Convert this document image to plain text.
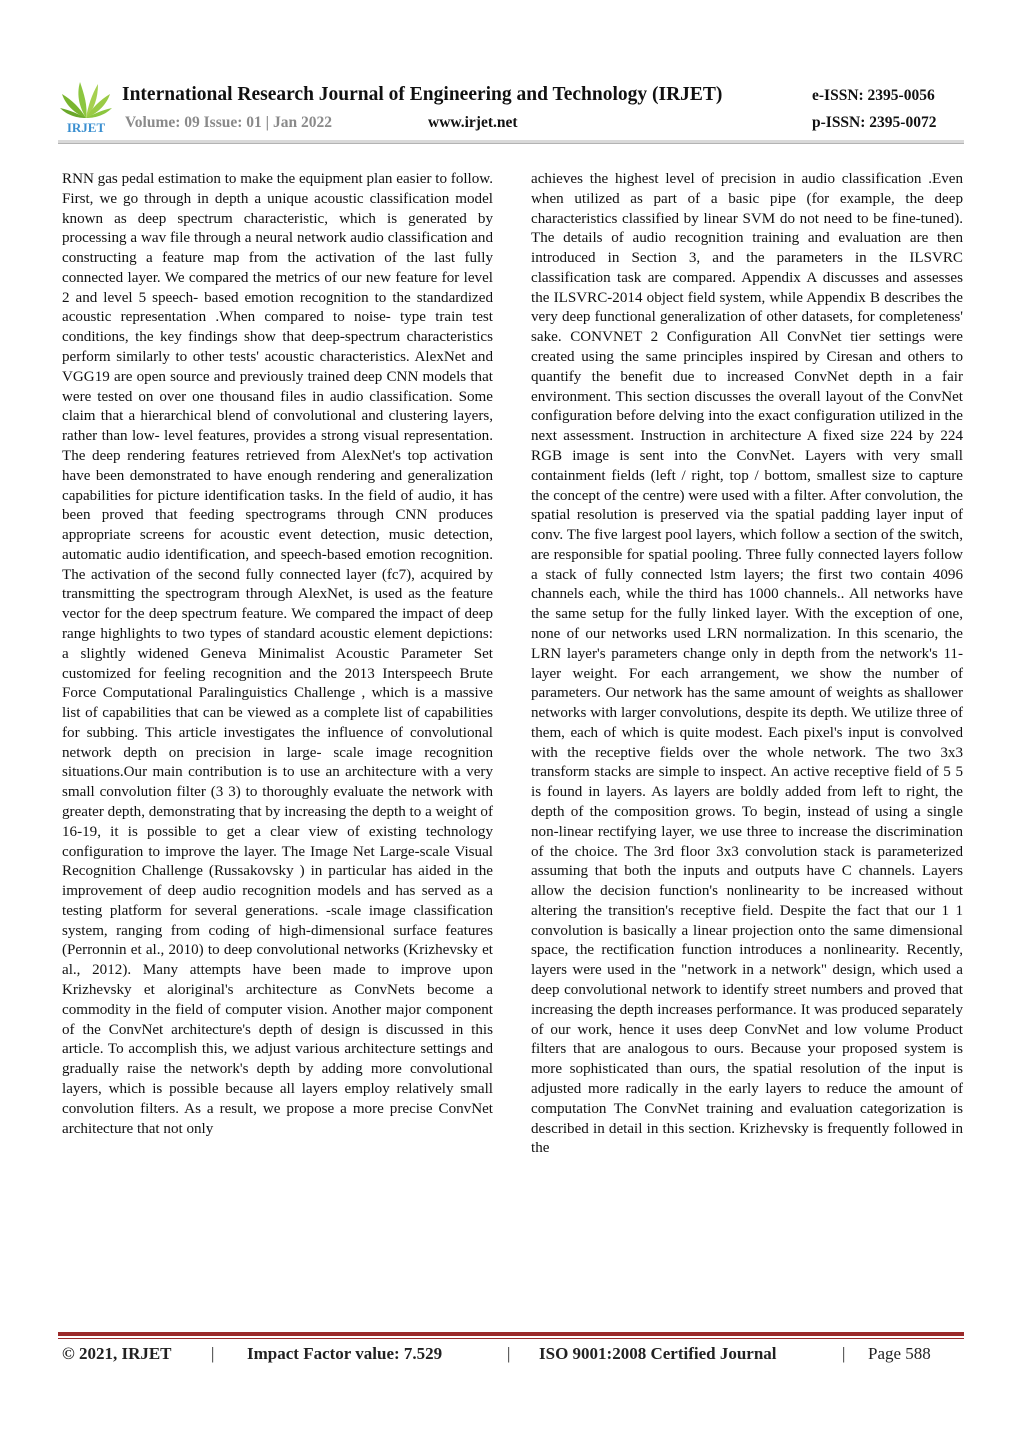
IRJET
International Research Journal of Engineering and Technology (IRJET)	e-ISSN: 2395-0056
Volume: 09 Issue: 01 | Jan 2022	www.irjet.net	p-ISSN: 2395-0072

RNN gas pedal estimation to make the equipment plan easier to follow. First, we go through in depth a unique acoustic classification model known as deep spectrum characteristic, which is generated by processing a wav file through a neural network audio classification and constructing a feature map from the activation of the last fully connected layer. We compared the metrics of our new feature for level 2 and level 5 speech- based emotion recognition to the standardized acoustic representation .When compared to noise- type train test conditions, the key findings show that deep-spectrum characteristics perform similarly to other tests' acoustic characteristics. AlexNet and VGG19 are open source and previously trained deep CNN models that were tested on over one thousand files in audio classification. Some claim that a hierarchical blend of convolutional and clustering layers, rather than low- level features, provides a strong visual representation. The deep rendering features retrieved from AlexNet's top activation have been demonstrated to have enough rendering and generalization capabilities for picture identification tasks. In the field of audio, it has been proved that feeding spectrograms through CNN produces appropriate screens for acoustic event detection, music detection, automatic audio identification, and speech-based emotion recognition. The activation of the second fully connected layer (fc7), acquired by transmitting the spectrogram through AlexNet, is used as the feature vector for the deep spectrum feature. We compared the impact of deep range highlights to two types of standard acoustic element depictions: a slightly widened Geneva Minimalist Acoustic Parameter Set customized for feeling recognition and the 2013 Interspeech Brute Force Computational Paralinguistics Challenge , which is a massive list of capabilities that can be viewed as a complete list of capabilities for subbing. This article investigates the influence of convolutional network depth on precision in large- scale image recognition situations.Our main contribution is to use an architecture with a very small convolution filter (3 3) to thoroughly evaluate the network with greater depth, demonstrating that by increasing the depth to a weight of 16-19, it is possible to get a clear view of existing technology configuration to improve the layer. The Image Net Large-scale Visual Recognition Challenge (Russakovsky ) in particular has aided in the improvement of deep audio recognition models and has served as a testing platform for several generations. -scale image classification system, ranging from coding of high-dimensional surface features (Perronnin et al., 2010) to deep convolutional networks (Krizhevsky et al., 2012). Many attempts have been made to improve upon Krizhevsky et aloriginal's architecture as ConvNets become a commodity in the field of computer vision. Another major component of the ConvNet architecture's depth of design is discussed in this article. To accomplish this, we adjust various architecture settings and gradually raise the network's depth by adding more convolutional layers, which is possible because all layers employ relatively small convolution filters. As a result, we propose a more precise ConvNet architecture that not only

achieves the highest level of precision in audio classification .Even when utilized as part of a basic pipe (for example, the deep characteristics classified by linear SVM do not need to be fine-tuned). The details of audio recognition training and evaluation are then introduced in Section 3, and the parameters in the ILSVRC classification task are compared. Appendix A discusses and assesses the ILSVRC-2014 object field system, while Appendix B describes the very deep functional generalization of other datasets, for completeness' sake. CONVNET 2 Configuration All ConvNet tier settings were created using the same principles inspired by Ciresan and others to quantify the benefit due to increased ConvNet depth in a fair environment. This section discusses the overall layout of the ConvNet configuration before delving into the exact configuration utilized in the next assessment. Instruction in architecture A fixed size 224 by 224 RGB image is sent into the ConvNet. Layers with very small containment fields (left / right, top / bottom, smallest size to capture the concept of the centre) were used with a filter. After convolution, the spatial resolution is preserved via the spatial padding layer input of conv. The five largest pool layers, which follow a section of the switch, are responsible for spatial pooling. Three fully connected layers follow a stack of fully connected lstm layers; the first two contain 4096 channels each, while the third has 1000 channels.. All networks have the same setup for the fully linked layer. With the exception of one, none of our networks used LRN normalization. In this scenario, the LRN layer's parameters change only in depth from the network's 11-layer weight. For each arrangement, we show the number of parameters. Our network has the same amount of weights as shallower networks with larger convolutions, despite its depth. We utilize three of them, each of which is quite modest. Each pixel's input is convolved with the receptive fields over the whole network. The two 3x3 transform stacks are simple to inspect. An active receptive field of 5 5 is found in layers. As layers are boldly added from left to right, the depth of the composition grows. To begin, instead of using a single non-linear rectifying layer, we use three to increase the discrimination of the choice. The 3rd floor 3x3 convolution stack is parameterized assuming that both the inputs and outputs have C channels. Layers allow the decision function's nonlinearity to be increased without altering the transition's receptive field. Despite the fact that our 1 1 convolution is basically a linear projection onto the same dimensional space, the rectification function introduces a nonlinearity. Recently, layers were used in the "network in a network" design, which used a deep convolutional network to identify street numbers and proved that increasing the depth increases performance. It was produced separately of our work, hence it uses deep ConvNet and low volume Product filters that are analogous to ours. Because your proposed system is more sophisticated than ours, the spatial resolution of the input is adjusted more radically in the early layers to reduce the amount of computation The ConvNet training and evaluation categorization is described in detail in this section. Krizhevsky is frequently followed in the

© 2021, IRJET | Impact Factor value: 7.529	| ISO 9001:2008 Certified Journal	| Page 588
